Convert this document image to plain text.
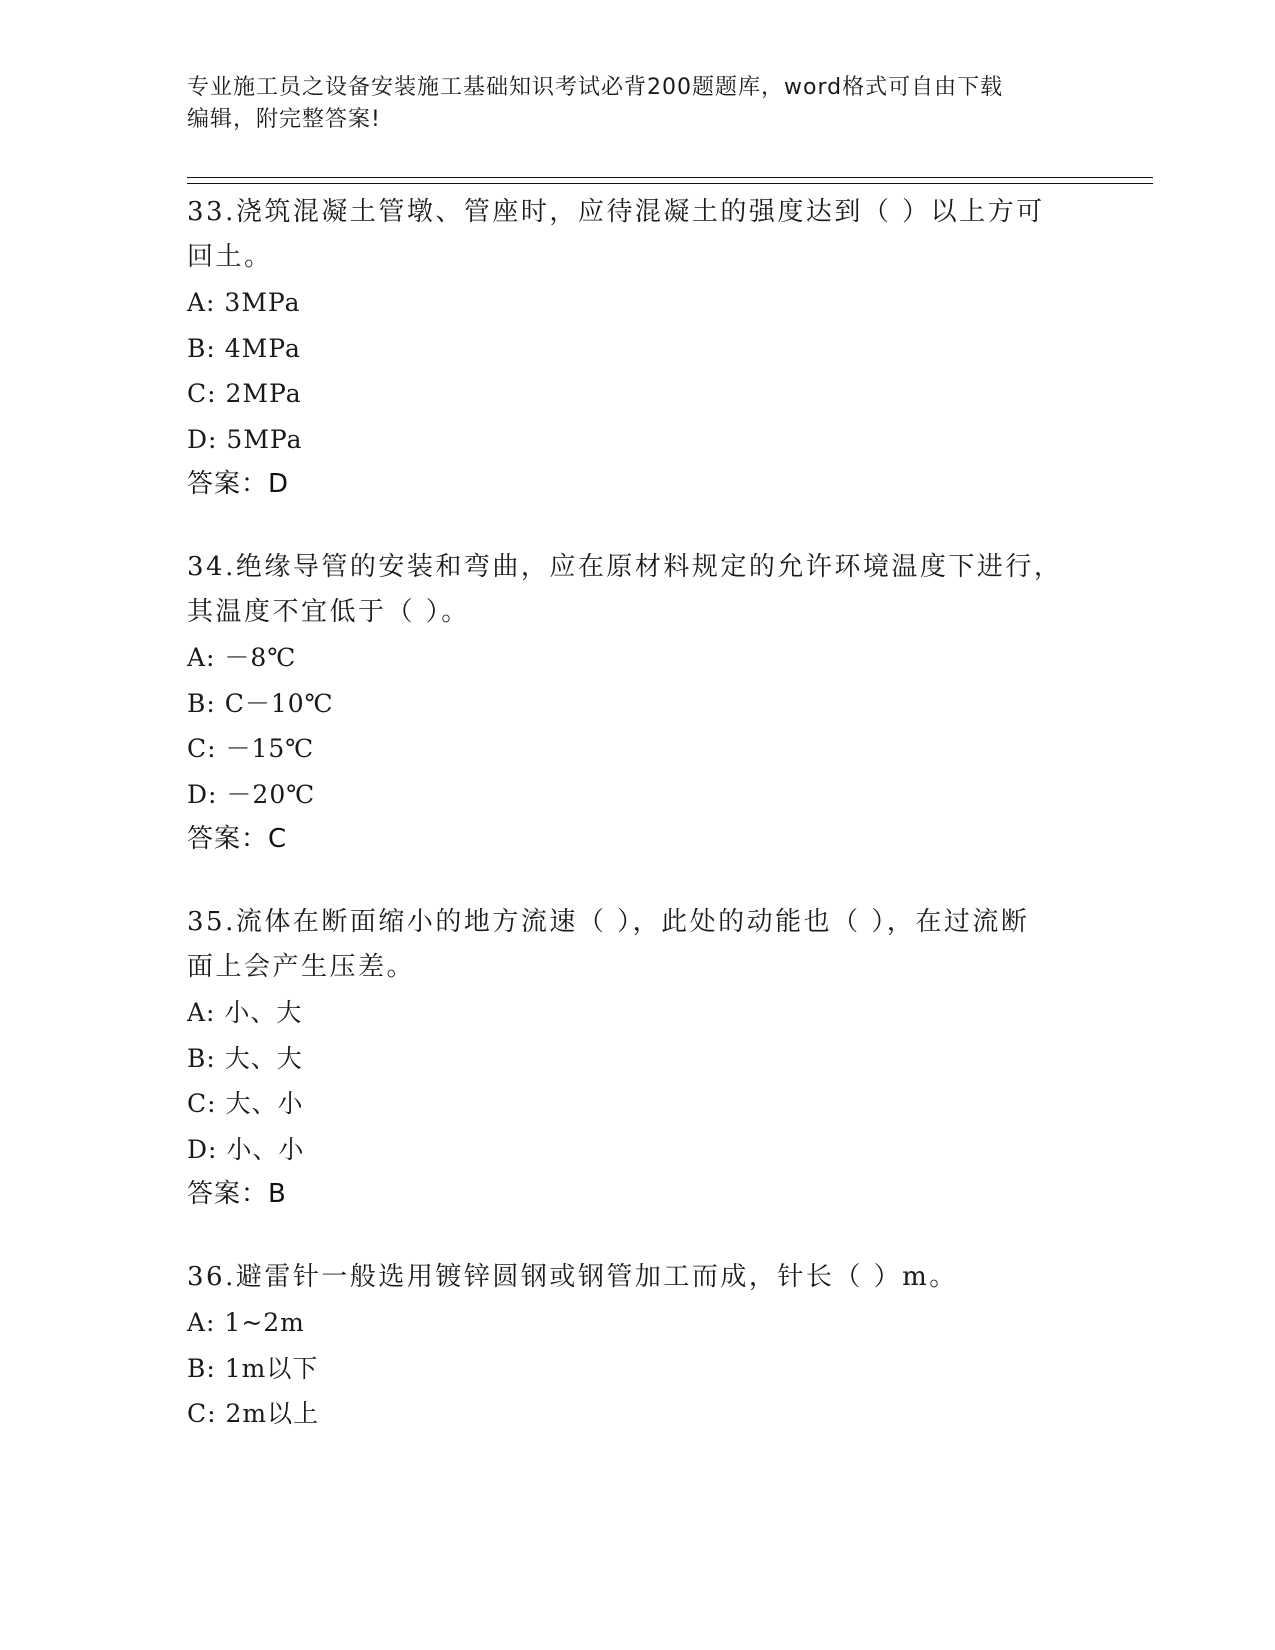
专业施工员之设备安装施工基础知识考试必背200题题库，word格式可自由下载
编辑，附完整答案!

33.浇筑混凝土管墩、管座时，应待混凝土的强度达到（ ）以上方可

回土。

A: 3MPa

B: 4MPa

C: 2MPa

D: 5MPa

答案：D

34.绝缘导管的安装和弯曲，应在原材料规定的允许环境温度下进行，

其温度不宜低于（ ）。

A: －8℃

B: C－10℃

C: －15℃

D: －20℃

答案：C

35.流体在断面缩小的地方流速（ ），此处的动能也（ ），在过流断

面上会产生压差。

A: 小、大

B: 大、大

C: 大、小

D: 小、小

答案：B

36.避雷针一般选用镀锌圆钢或钢管加工而成，针长（ ）m。

A: 1~2m

B: 1m以下

C: 2m以上
